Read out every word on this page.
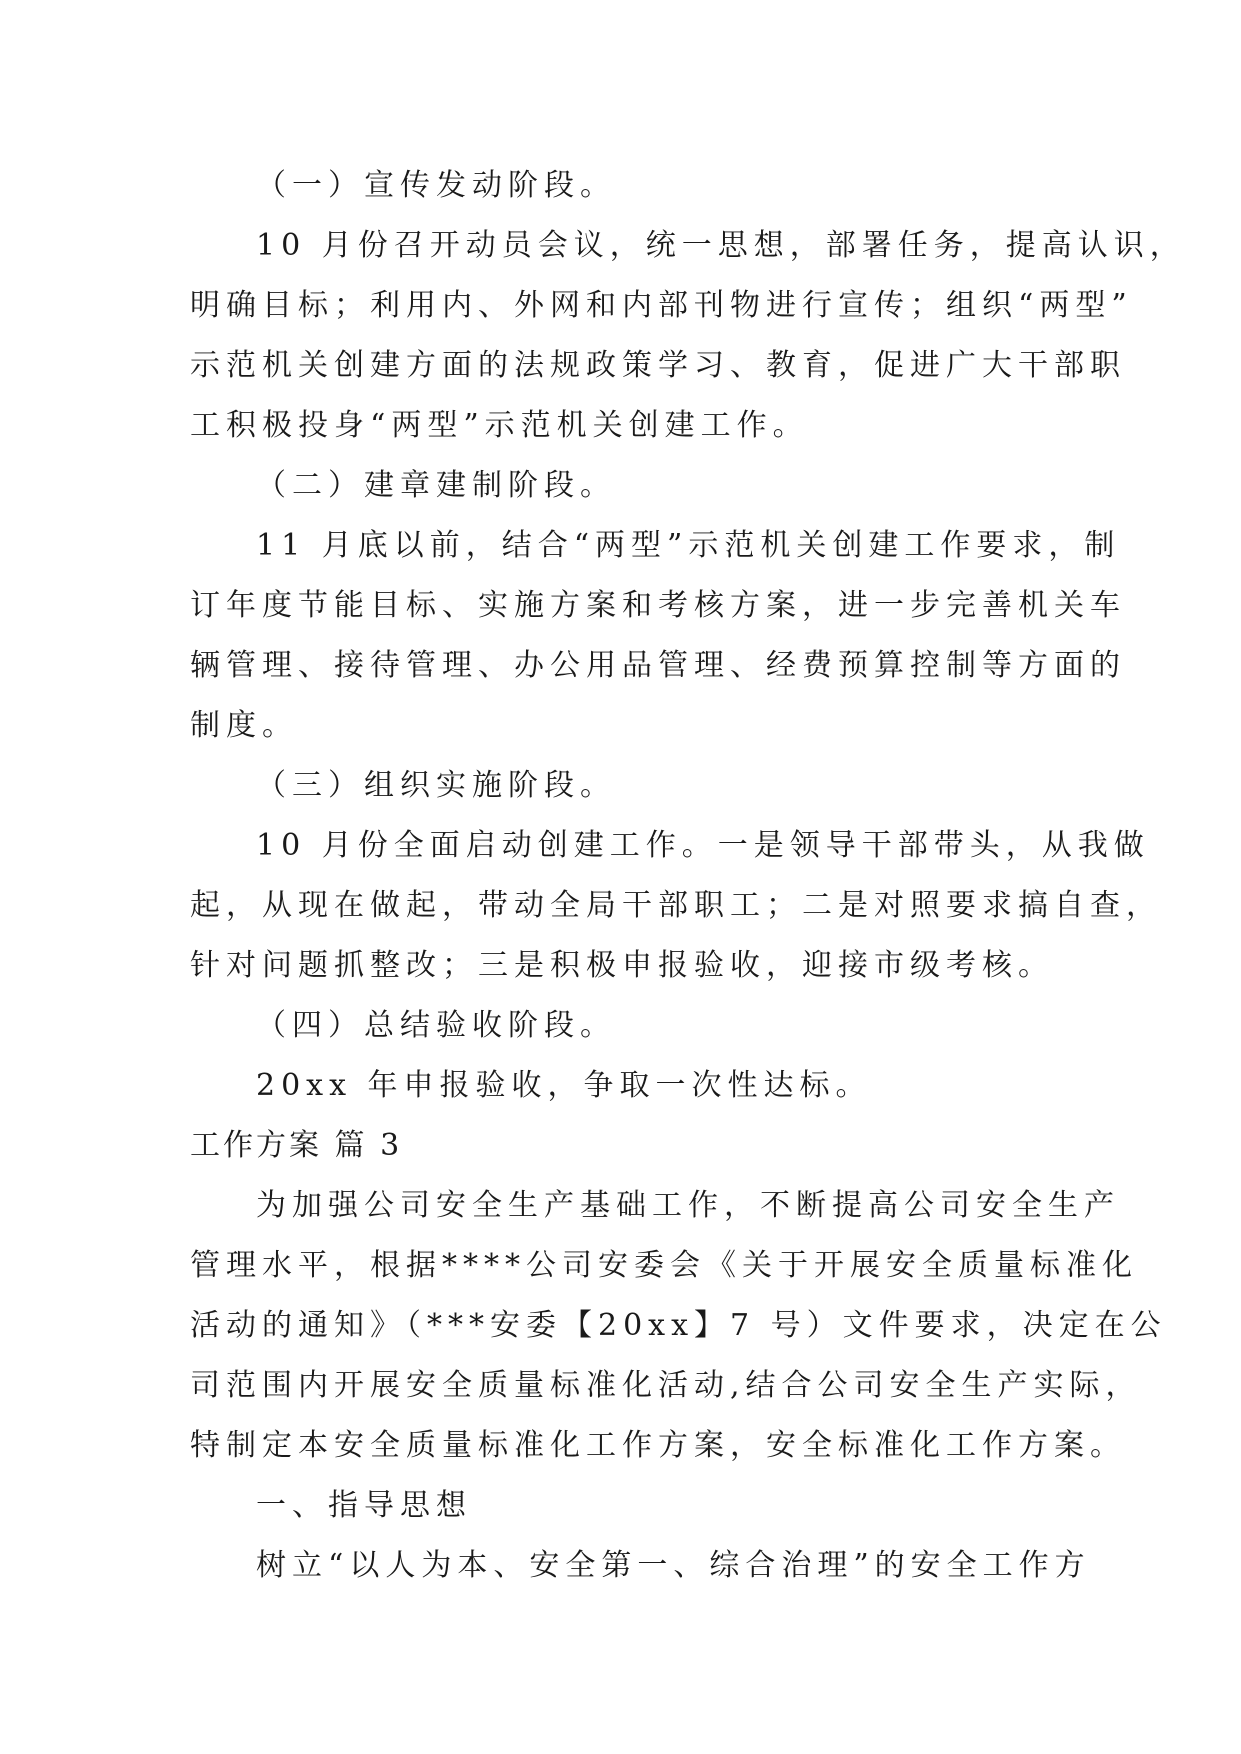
（一）宣传发动阶段。
10 月份召开动员会议，统一思想，部署任务，提高认识，
明确目标；利用内、外网和内部刊物进行宣传；组织“两型”
示范机关创建方面的法规政策学习、教育，促进广大干部职
工积极投身“两型”示范机关创建工作。
（二）建章建制阶段。
11 月底以前，结合“两型”示范机关创建工作要求，制
订年度节能目标、实施方案和考核方案，进一步完善机关车
辆管理、接待管理、办公用品管理、经费预算控制等方面的
制度。
（三）组织实施阶段。
10 月份全面启动创建工作。一是领导干部带头，从我做
起，从现在做起，带动全局干部职工；二是对照要求搞自查，
针对问题抓整改；三是积极申报验收，迎接市级考核。
（四）总结验收阶段。
20xx 年申报验收，争取一次性达标。
工作方案 篇 3
为加强公司安全生产基础工作，不断提高公司安全生产
管理水平，根据****公司安委会《关于开展安全质量标准化
活动的通知》（***安委【20xx】7 号）文件要求，决定在公
司范围内开展安全质量标准化活动,结合公司安全生产实际，
特制定本安全质量标准化工作方案，安全标准化工作方案。
一、指导思想
树立“以人为本、安全第一、综合治理”的安全工作方
